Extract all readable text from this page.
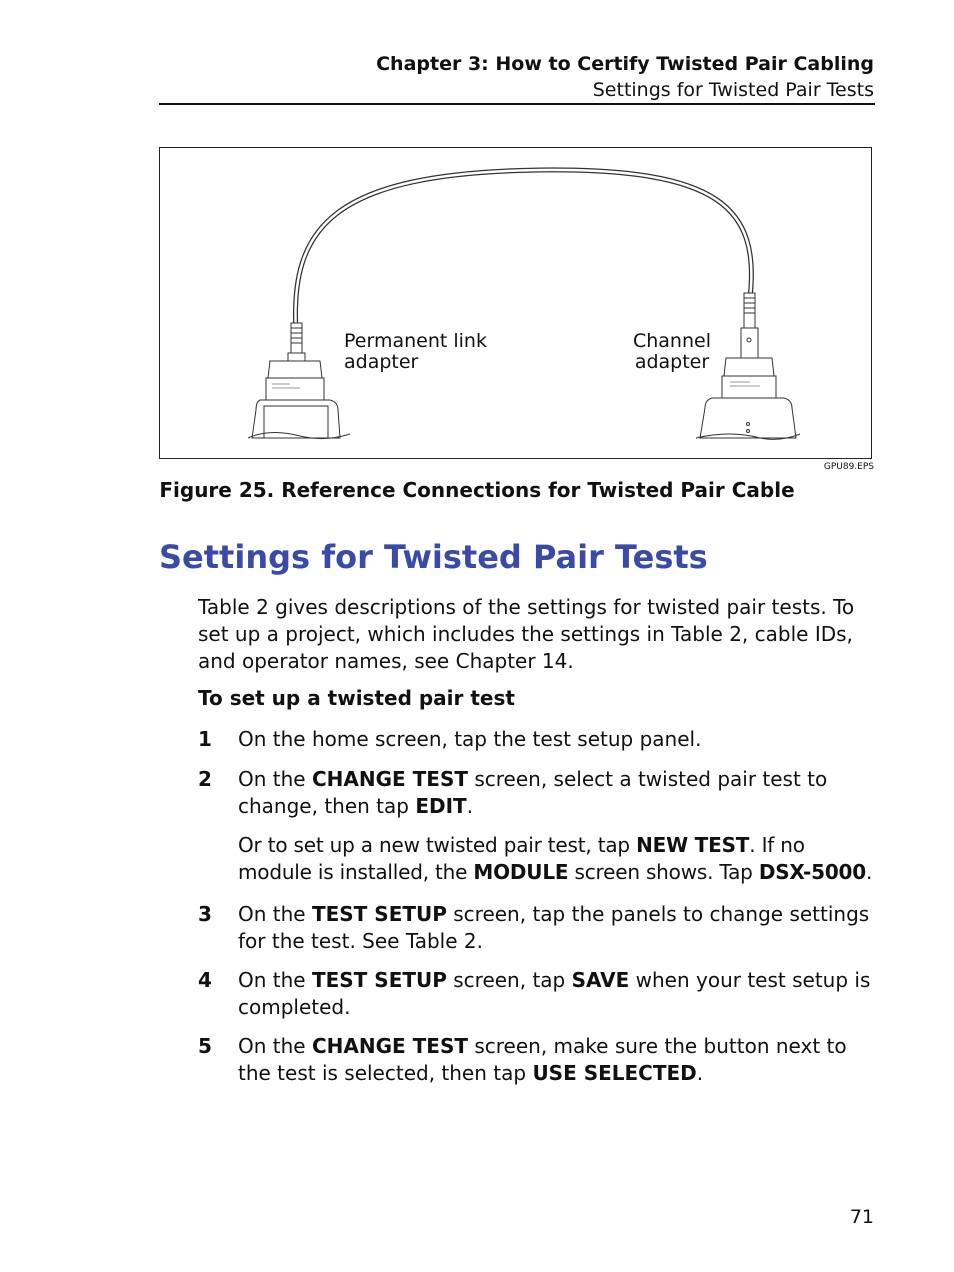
Chapter 3: How to Certify Twisted Pair Cabling
Settings for Twisted Pair Tests
Permanent link
adapter
Channel
adapter
GPU89.EPS
Figure 25. Reference Connections for Twisted Pair Cable
Settings for Twisted Pair Tests
Table 2 gives descriptions of the settings for twisted pair tests. To set up a project, which includes the settings in Table 2, cable IDs, and operator names, see Chapter 14.
To set up a twisted pair test
1 On the home screen, tap the test setup panel.
2 On the CHANGE TEST screen, select a twisted pair test to change, then tap EDIT.
Or to set up a new twisted pair test, tap NEW TEST. If no module is installed, the MODULE screen shows. Tap DSX-5000.
3 On the TEST SETUP screen, tap the panels to change settings for the test. See Table 2.
4 On the TEST SETUP screen, tap SAVE when your test setup is completed.
5 On the CHANGE TEST screen, make sure the button next to the test is selected, then tap USE SELECTED.
71
